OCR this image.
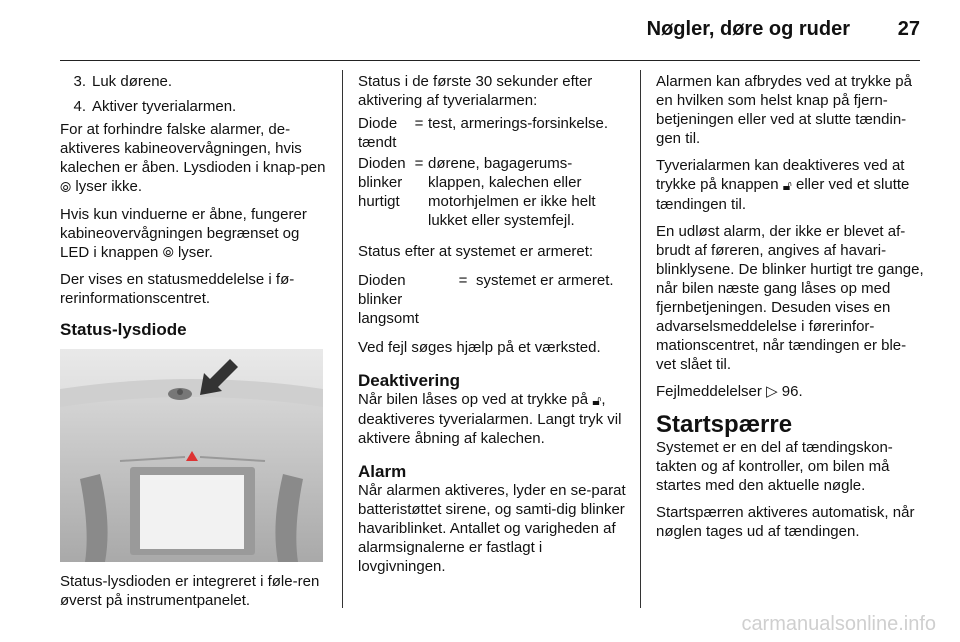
Nøgler, døre og ruder 27
3. Luk dørene.
4. Aktiver tyverialarmen.

For at forhindre falske alarmer, de-aktiveres kabineovervågningen, hvis kalechen er åben. Lysdioden i knap-pen ⦾ lyser ikke.

Hvis kun vinduerne er åbne, fungerer kabineovervågningen begrænset og LED i knappen ⦾ lyser.

Der vises en statusmeddelelse i fø-rerinformationscentret.

Status-lysdiode

Status-lysdioden er integreret i føle-ren øverst på instrumentpanelet.

Status i de første 30 sekunder efter aktivering af tyverialarmen:

Diode tændt
= test, armerings-forsinkelse.
Dioden blinker hurtigt
= dørene, bagagerums-klappen, kalechen eller motorhjelmen er ikke helt lukket eller systemfejl.

Status efter at systemet er armeret:

Dioden blinker langsomt
= systemet er armeret.

Ved fejl søges hjælp på et værksted.

Deaktivering

Når bilen låses op ved at trykke på 🔓︎, deaktiveres tyverialarmen. Langt tryk vil aktivere åbning af kalechen.

Alarm

Når alarmen aktiveres, lyder en se-parat batteristøttet sirene, og samti-dig blinker havariblinket. Antallet og varigheden af alarmsignalerne er fastlagt i lovgivningen.

Alarmen kan afbrydes ved at trykke på en hvilken som helst knap på fjern-betjeningen eller ved at slutte tændin-gen til.

Tyverialarmen kan deaktiveres ved at trykke på knappen 🔓︎ eller ved et slutte tændingen til.

En udløst alarm, der ikke er blevet af-brudt af føreren, angives af havari-blinklysene. De blinker hurtigt tre gange, når bilen næste gang låses op med fjernbetjeningen. Desuden vises en advarselsmeddelelse i førerinfor-mationscentret, når tændingen er ble-vet slået til.

Fejlmeddelelser ▷ 96.

Startspærre

Systemet er en del af tændingskon-takten og af kontroller, om bilen må startes med den aktuelle nøgle.

Startspærren aktiveres automatisk, når nøglen tages ud af tændingen.

carmanualsonline.info
